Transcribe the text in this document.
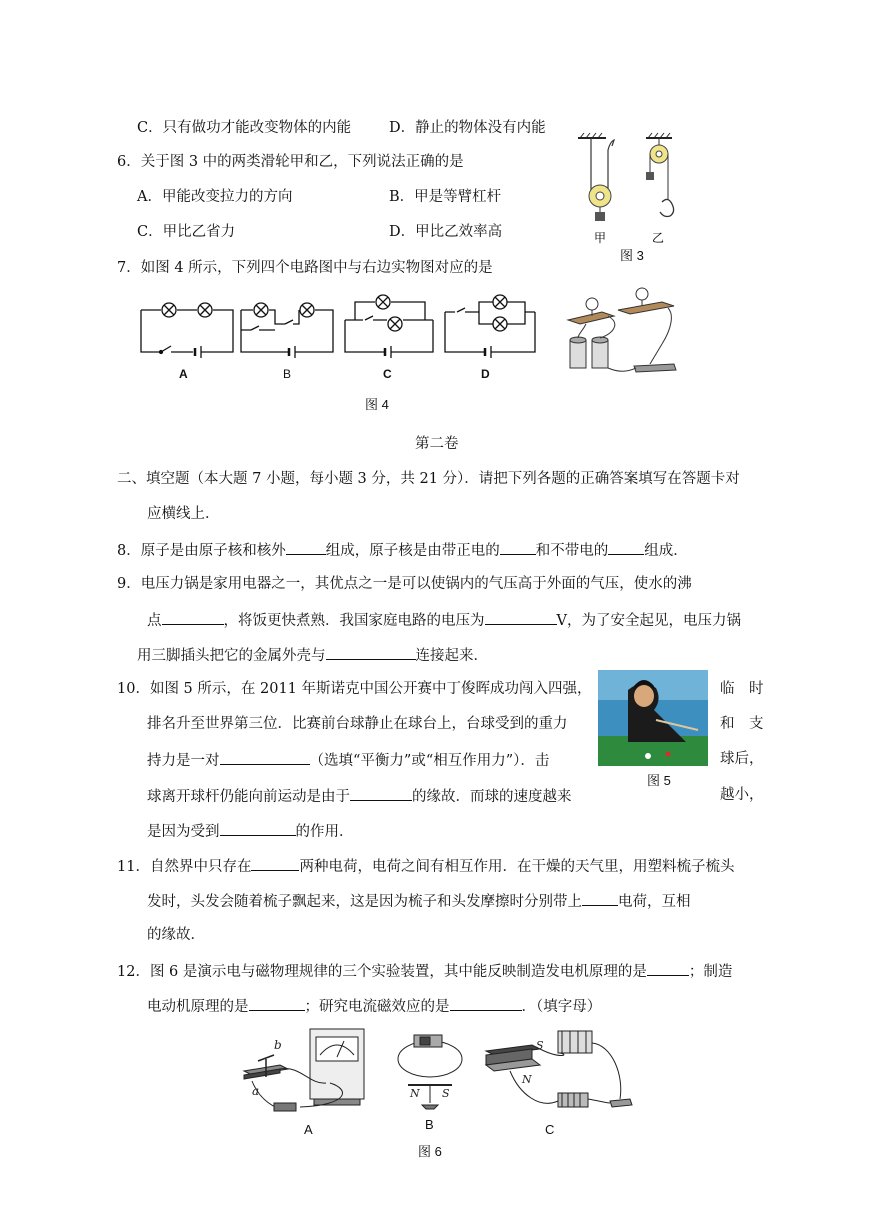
C．只有做功才能改变物体的内能	D．静止的物体没有内能
6．关于图 3 中的两类滑轮甲和乙，下列说法正确的是
A．甲能改变拉力的方向	B．甲是等臂杠杆
C．甲比乙省力	D．甲比乙效率高	甲	乙
图 3
7．如图 4 所示，下列四个电路图中与右边实物图对应的是
A	B	C	D
图 4
第二卷
二、填空题（本大题 7 小题，每小题 3 分，共 21 分）．请把下列各题的正确答案填写在答题卡对
应横线上．
8．原子是由原子核和核外	组成，原子核是由带正电的 和不带电的 组成．
9．电压力锅是家用电器之一，其优点之一是可以使锅内的气压高于外面的气压，使水的沸
点	，将饭更快煮熟．我国家庭电路的电压为	V，为了安全起见，电压力锅
用三脚插头把它的金属外壳与	连接起来．
10．如图 5 所示，在 2011 年斯诺克中国公开赛中丁俊晖成功闯入四强，	临　时
排名升至世界第三位．比赛前台球静止在球台上，台球受到的重力	和　支
持力是一对	（选填“平衡力”或“相互作用力”）．击	球后，
球离开球杆仍能向前运动是由于	的缘故．而球的速度越来	越小，
是因为受到	的作用．
图 5
11．自然界中只存在	两种电荷，电荷之间有相互作用．在干燥的天气里，用塑料梳子梳头
发时，头发会随着梳子飘起来，这是因为梳子和头发摩擦时分别带上 电荷，互相
的缘故．
12．图 6 是演示电与磁物理规律的三个实验装置，其中能反映制造发电机原理的是	；制造
电动机原理的是	；研究电流磁效应的是	．（填字母）
a
b
N S
S
N
A	B	C
图 6
